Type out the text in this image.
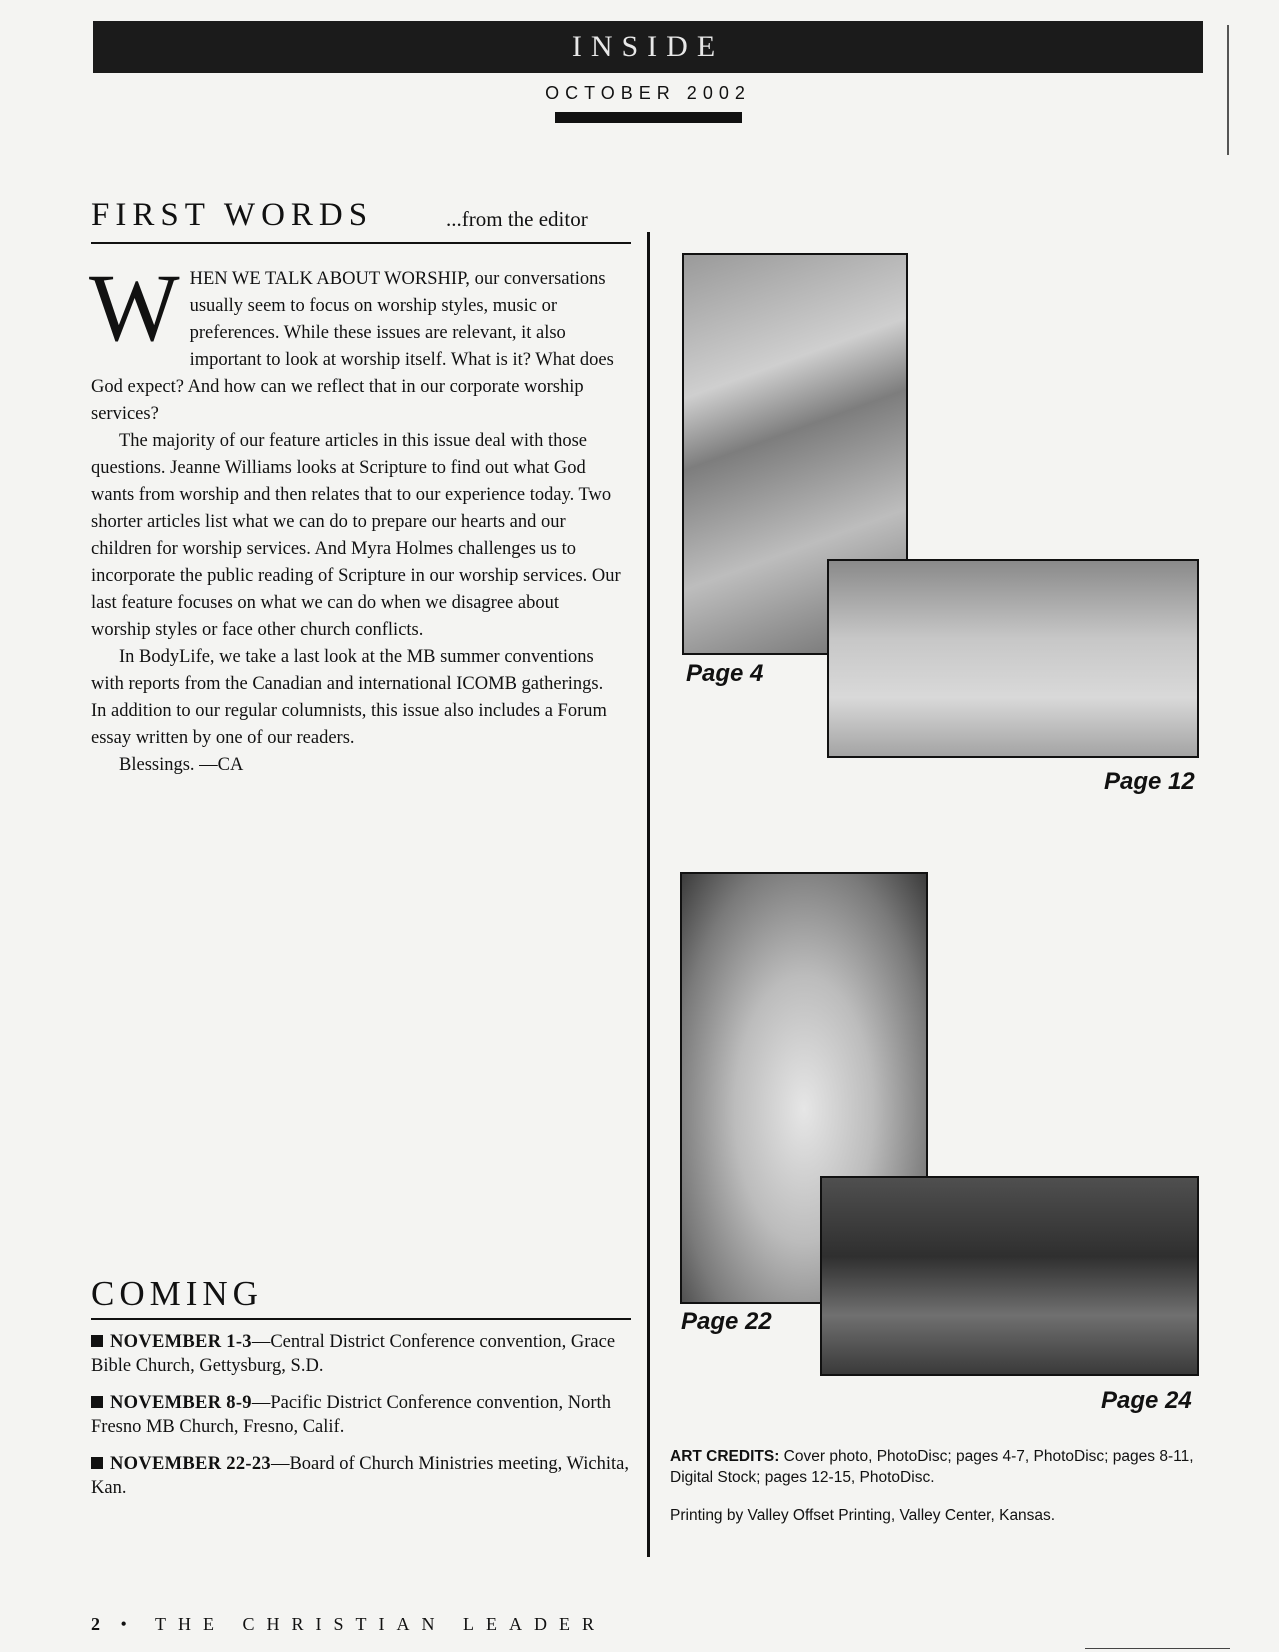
INSIDE
OCTOBER 2002
FIRST WORDS	...from the editor

WHEN WE TALK ABOUT WORSHIP, our conversations usually seem to focus on worship styles, music or preferences. While these issues are relevant, it also important to look at worship itself. What is it? What does God expect? And how can we reflect that in our corporate worship services?

The majority of our feature articles in this issue deal with those questions. Jeanne Williams looks at Scripture to find out what God wants from worship and then relates that to our experience today. Two shorter articles list what we can do to prepare our hearts and our children for worship services. And Myra Holmes challenges us to incorporate the public reading of Scripture in our worship services. Our last feature focuses on what we can do when we disagree about worship styles or face other church conflicts.

In BodyLife, we take a last look at the MB summer conventions with reports from the Canadian and international ICOMB gatherings. In addition to our regular columnists, this issue also includes a Forum essay written by one of our readers.

Blessings. —CA

Page 4
Page 12
Page 22
Page 24
ART CREDITS: Cover photo, PhotoDisc; pages 4-7, PhotoDisc; pages 8-11, Digital Stock; pages 12-15, PhotoDisc.
Printing by Valley Offset Printing, Valley Center, Kansas.
COMING
NOVEMBER 1-3—Central District Conference convention, Grace Bible Church, Gettysburg, S.D.
NOVEMBER 8-9—Pacific District Conference convention, North Fresno MB Church, Fresno, Calif.
NOVEMBER 22-23—Board of Church Ministries meeting, Wichita, Kan.
2 • THE CHRISTIAN LEADER
